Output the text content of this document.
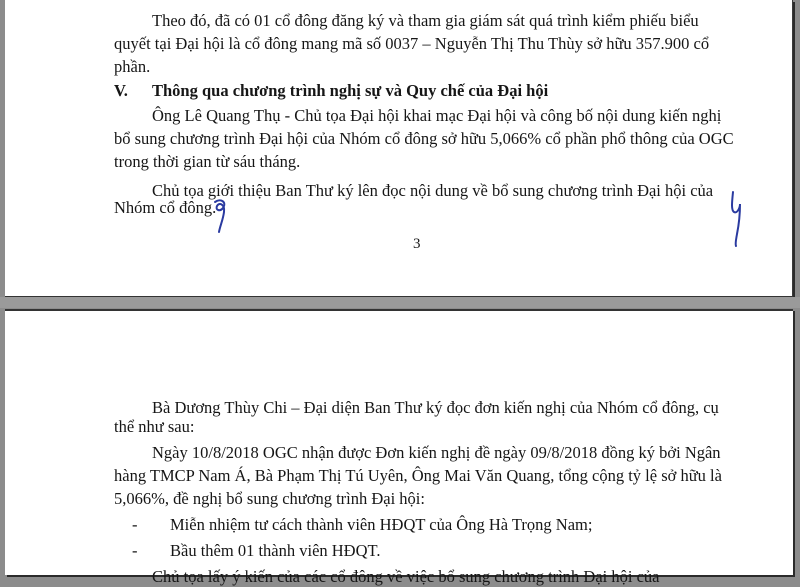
Theo đó, đã có 01 cổ đông đăng ký và tham gia giám sát quá trình kiểm phiếu biểu
quyết tại Đại hội là cổ đông mang mã số 0037 – Nguyễn Thị Thu Thùy sở hữu 357.900 cổ
phần.
V. Thông qua chương trình nghị sự và Quy chế của Đại hội
Ông Lê Quang Thụ - Chủ tọa Đại hội khai mạc Đại hội và công bố nội dung kiến nghị
bổ sung chương trình Đại hội của Nhóm cổ đông sở hữu 5,066% cổ phần phổ thông của OGC
trong thời gian từ sáu tháng.
Chủ tọa giới thiệu Ban Thư ký lên đọc nội dung về bổ sung chương trình Đại hội của
Nhóm cổ đông.
3
Bà Dương Thùy Chi – Đại diện Ban Thư ký đọc đơn kiến nghị của Nhóm cổ đông, cụ
thể như sau:
Ngày 10/8/2018 OGC nhận được Đơn kiến nghị đề ngày 09/8/2018 đồng ký bởi Ngân
hàng TMCP Nam Á, Bà Phạm Thị Tú Uyên, Ông Mai Văn Quang, tổng cộng tỷ lệ sở hữu là
5,066%, đề nghị bổ sung chương trình Đại hội:
- Miễn nhiệm tư cách thành viên HĐQT của Ông Hà Trọng Nam;
- Bầu thêm 01 thành viên HĐQT.
Chủ tọa lấy ý kiến của các cổ đông về việc bổ sung chương trình Đại hội của
